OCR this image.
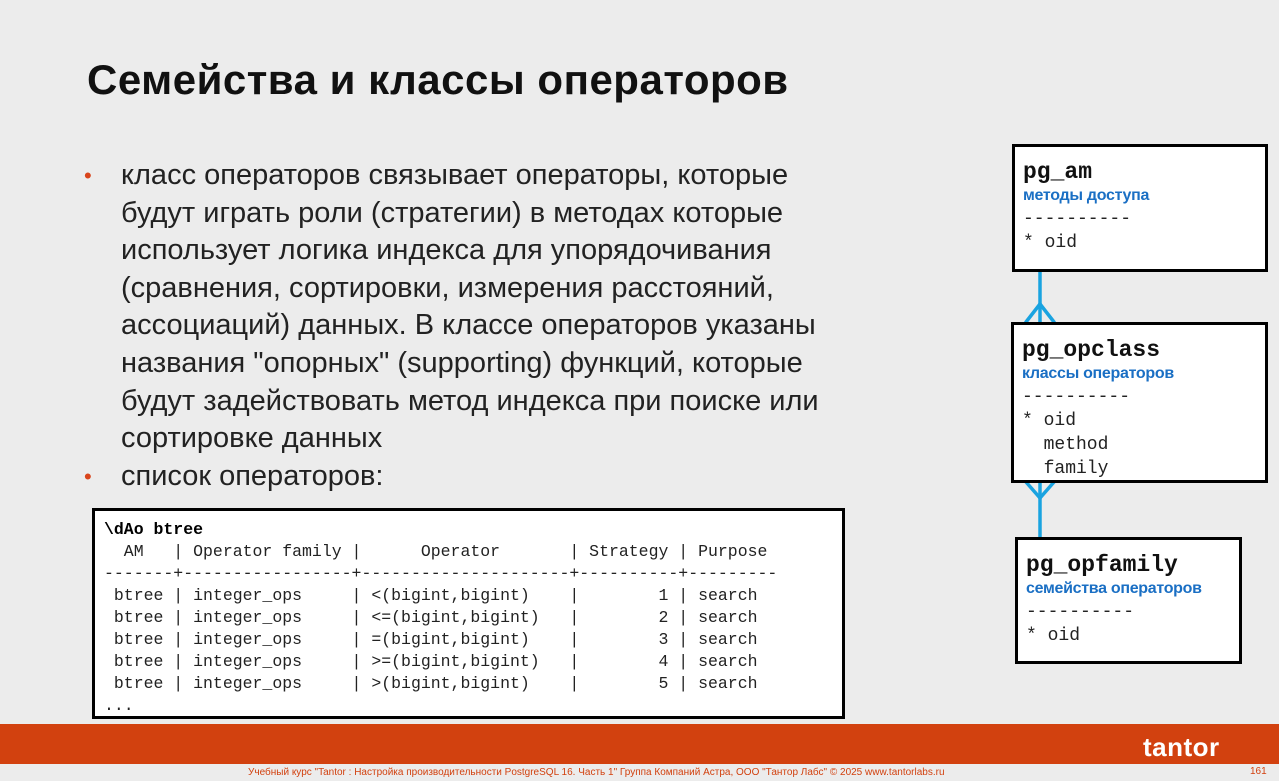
Семейства и классы операторов
• класс операторов связывает операторы, которые
будут играть роли (стратегии) в методах которые
использует логика индекса для упорядочивания
(сравнения, сортировки, измерения расстояний,
ассоциаций) данных. В классе операторов указаны
названия "опорных" (supporting) функций, которые
будут задействовать метод индекса при поиске или
сортировке данных
• список операторов:
\dAo btree
AM   | Operator family |      Operator       | Strategy | Purpose
-------+-----------------+---------------------+----------+---------
btree | integer_ops     | <(bigint,bigint)    |        1 | search
btree | integer_ops     | <=(bigint,bigint)   |        2 | search
btree | integer_ops     | =(bigint,bigint)    |        3 | search
btree | integer_ops     | >=(bigint,bigint)   |        4 | search
btree | integer_ops     | >(bigint,bigint)    |        5 | search
...
pg_am
методы доступа
----------
* oid
pg_opclass
классы операторов
----------
* oid
method
family
pg_opfamily
семейства операторов
----------
* oid
tantor
Учебный курс "Tantor : Настройка производительности PostgreSQL 16. Часть 1" Группа Компаний Астра, ООО "Тантор Лабс" © 2025 www.tantorlabs.ru	161
